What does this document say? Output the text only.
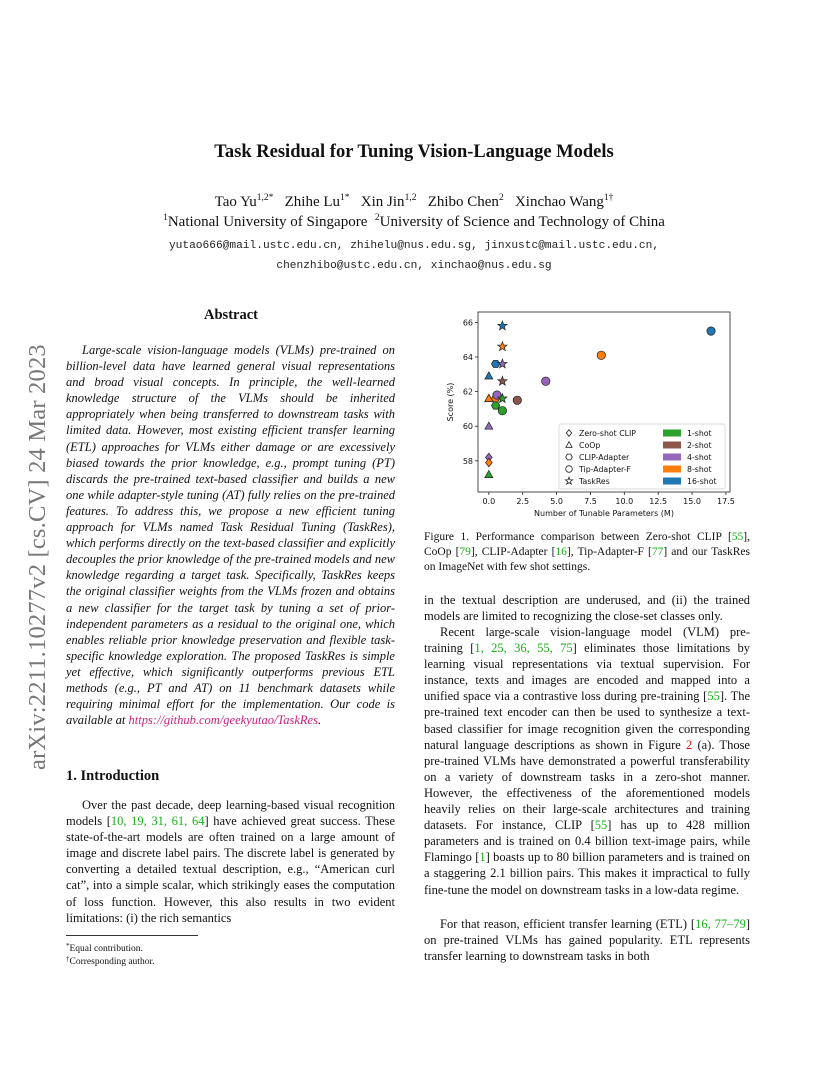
arXiv:2211.10277v2 [cs.CV] 24 Mar 2023
Task Residual for Tuning Vision-Language Models
Tao $Yu^{1,2*}$ Zhihe $Lu^{1*}$ Xin Jin$^{1,2}$ Zhibo Chen$^2$ Xinchao Wang$^{1\dagger}$
$^1$National University of Singapore $^2$University of Science and Technology of China
yutao666@mail.ustc.edu.cn, zhihelu@nus.edu.sg, jinxustc@mail.ustc.edu.cn,
chenzhibo@ustc.edu.cn, xinchao@nus.edu.sg
Abstract
Large-scale vision-language models (VLMs) pre-trained on billion-level data have learned general visual representations and broad visual concepts. In principle, the well-learned knowledge structure of the VLMs should be inherited appropriately when being transferred to downstream tasks with limited data. However, most existing efficient transfer learning (ETL) approaches for VLMs either damage or are excessively biased towards the prior knowledge, e.g., prompt tuning (PT) discards the pre-trained text-based classifier and builds a new one while adapter-style tuning (AT) fully relies on the pre-trained features. To address this, we propose a new efficient tuning approach for VLMs named Task Residual Tuning (TaskRes), which performs directly on the text-based classifier and explicitly decouples the prior knowledge of the pre-trained models and new knowledge regarding a target task. Specifically, TaskRes keeps the original classifier weights from the VLMs frozen and obtains a new classifier for the target task by tuning a set of prior-independent parameters as a residual to the original one, which enables reliable prior knowledge preservation and flexible task-specific knowledge exploration. The proposed TaskRes is simple yet effective, which significantly outperforms previous ETL methods (e.g., PT and AT) on 11 benchmark datasets while requiring minimal effort for the implementation. Our code is available at https://github.com/geekyutao/TaskRes.
1. Introduction
Over the past decade, deep learning-based visual recognition models [10, 19, 31, 61, 64] have achieved great success. These state-of-the-art models are often trained on a large amount of image and discrete label pairs. The discrete label is generated by converting a detailed textual description, e.g., “American curl cat”, into a simple scalar, which strikingly eases the computation of loss function. However, this also results in two evident limitations: (i) the rich semantics
*Equal contribution.
†Corresponding author.
0.0	2.5	5.0	7.5 10.0 12.5 15.0 17.5
58
60
62
64
66
Number of Tunable Parameters (M)
Score (%)
Zero-shot CLIP
CoOp
CLIP-Adapter
Tip-Adapter-F
TaskRes
1-shot
2-shot
4-shot
8-shot
16-shot
Figure 1. Performance comparison between Zero-shot CLIP [55], CoOp [79], CLIP-Adapter [16], Tip-Adapter-F [77] and our TaskRes on ImageNet with few shot settings.
in the textual description are underused, and (ii) the trained models are limited to recognizing the close-set classes only.
Recent large-scale vision-language model (VLM) pre-training [1, 25, 36, 55, 75] eliminates those limitations by learning visual representations via textual supervision. For instance, texts and images are encoded and mapped into a unified space via a contrastive loss during pre-training [55]. The pre-trained text encoder can then be used to synthesize a text-based classifier for image recognition given the corresponding natural language descriptions as shown in Figure 2 (a). Those pre-trained VLMs have demonstrated a powerful transferability on a variety of downstream tasks in a zero-shot manner. However, the effectiveness of the aforementioned models heavily relies on their large-scale architectures and training datasets. For instance, CLIP [55] has up to 428 million parameters and is trained on 0.4 billion text-image pairs, while Flamingo [1] boasts up to 80 billion parameters and is trained on a staggering 2.1 billion pairs. This makes it impractical to fully fine-tune the model on downstream tasks in a low-data regime.
For that reason, efficient transfer learning (ETL) [16, 77–79] on pre-trained VLMs has gained popularity. ETL represents transfer learning to downstream tasks in both
